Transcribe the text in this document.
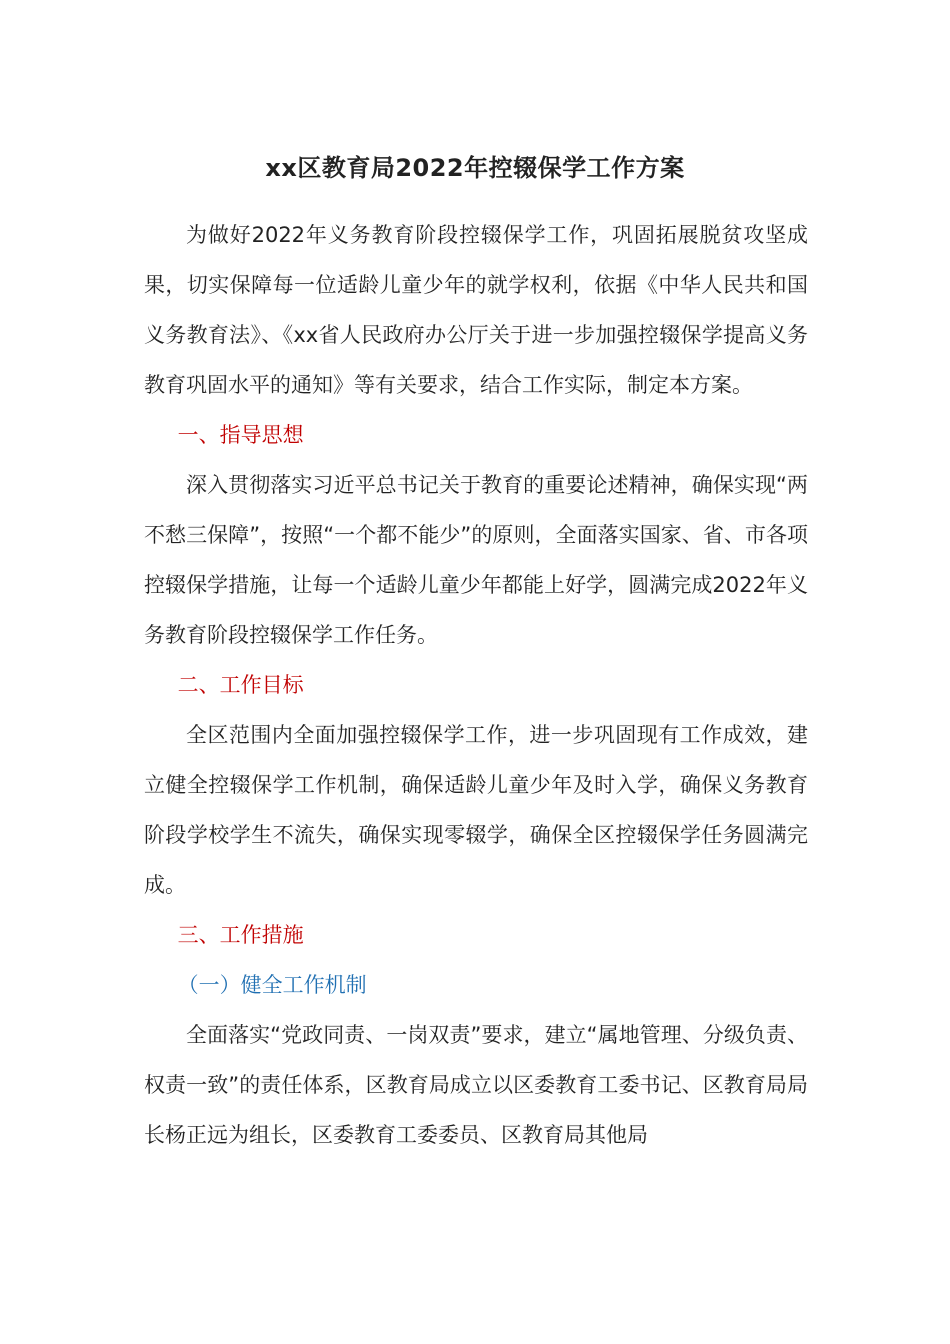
xx区教育局2022年控辍保学工作方案

为做好2022年义务教育阶段控辍保学工作，巩固拓展脱贫攻坚成果，切实保障每一位适龄儿童少年的就学权利，依据《中华人民共和国义务教育法》、《xx省人民政府办公厅关于进一步加强控辍保学提高义务教育巩固水平的通知》等有关要求，结合工作实际，制定本方案。

一、指导思想

深入贯彻落实习近平总书记关于教育的重要论述精神，确保实现“两不愁三保障”，按照“一个都不能少”的原则，全面落实国家、省、市各项控辍保学措施，让每一个适龄儿童少年都能上好学，圆满完成2022年义务教育阶段控辍保学工作任务。

二、工作目标

全区范围内全面加强控辍保学工作，进一步巩固现有工作成效，建立健全控辍保学工作机制，确保适龄儿童少年及时入学，确保义务教育阶段学校学生不流失，确保实现零辍学，确保全区控辍保学任务圆满完成。

三、工作措施

（一）健全工作机制

全面落实“党政同责、一岗双责”要求，建立“属地管理、分级负责、权责一致”的责任体系，区教育局成立以区委教育工委书记、区教育局局长杨正远为组长，区委教育工委委员、区教育局其他局
